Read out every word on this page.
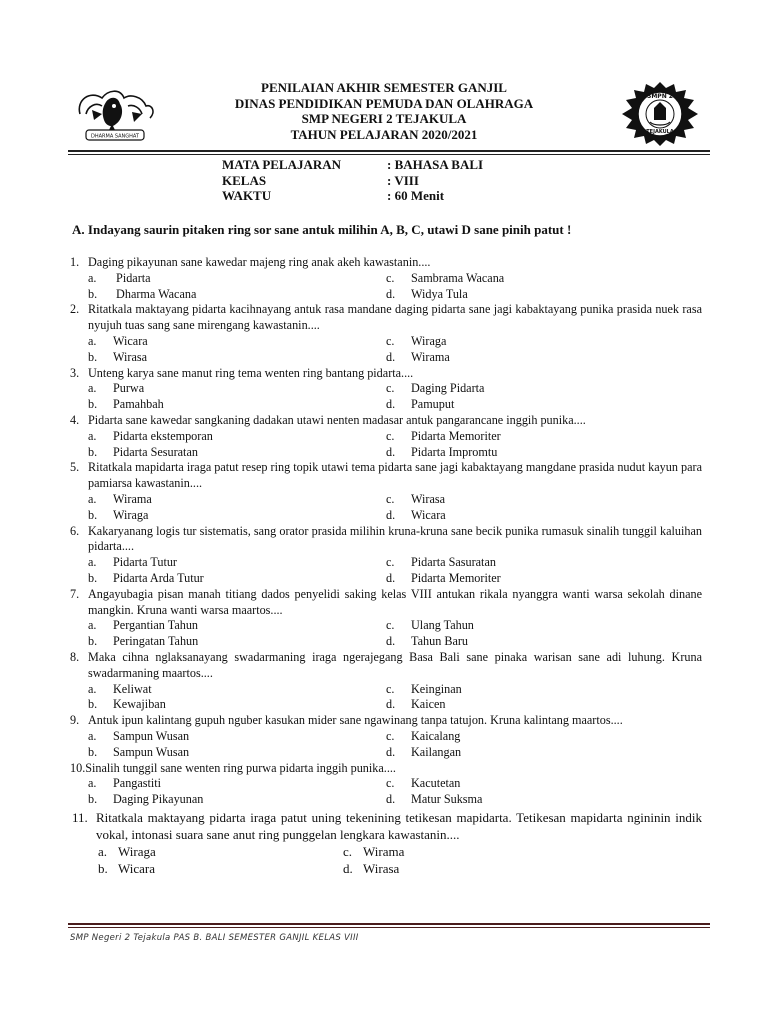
DHARMA SANGHAT
SMPN 2
TEJAKULA
PENILAIAN AKHIR SEMESTER GANJIL
DINAS PENDIDIKAN PEMUDA DAN OLAHRAGA
SMP NEGERI 2 TEJAKULA
TAHUN PELAJARAN 2020/2021
MATA PELAJARAN	: BAHASA BALI
KELAS	: VIII
WAKTU	: 60 Menit
A. Indayang saurin pitaken ring sor sane antuk milihin A, B, C, utawi D sane pinih patut !
1. Daging pikayunan sane kawedar majeng ring anak akeh kawastanin....
a. Pidarta	c. Sambrama Wacana
b. Dharma Wacana	d. Widya Tula
2. Ritatkala maktayang pidarta kacihnayang antuk rasa mandane daging pidarta sane jagi kabaktayang punika prasida nuek rasa nyujuh tuas sang sane mirengang kawastanin....
a. Wicara	c. Wiraga
b. Wirasa	d. Wirama
3. Unteng karya sane manut ring tema wenten ring bantang pidarta....
a. Purwa	c. Daging Pidarta
b. Pamahbah	d. Pamuput
4. Pidarta sane kawedar sangkaning dadakan utawi nenten madasar antuk pangarancane inggih punika....
a. Pidarta ekstemporan	c. Pidarta Memoriter
b. Pidarta Sesuratan	d. Pidarta Impromtu
5. Ritatkala mapidarta iraga patut resep ring topik utawi tema pidarta sane jagi kabaktayang mangdane prasida nudut kayun para pamiarsa kawastanin....
a. Wirama	c. Wirasa
b. Wiraga	d. Wicara
6. Kakaryanang logis tur sistematis, sang orator prasida milihin kruna-kruna sane becik punika rumasuk sinalih tunggil kaluihan pidarta....
a. Pidarta Tutur	c. Pidarta Sasuratan
b. Pidarta Arda Tutur	d. Pidarta Memoriter
7. Angayubagia pisan manah titiang dados penyelidi saking kelas VIII antukan rikala nyanggra wanti warsa sekolah dinane mangkin. Kruna wanti warsa maartos....
a. Pergantian Tahun	c. Ulang Tahun
b. Peringatan Tahun	d. Tahun Baru
8. Maka cihna nglaksanayang swadarmaning iraga ngerajegang Basa Bali sane pinaka warisan sane adi luhung. Kruna swadarmaning maartos....
a. Keliwat	c. Keinginan
b. Kewajiban	d. Kaicen
9. Antuk ipun kalintang gupuh nguber kasukan mider sane ngawinang tanpa tatujon. Kruna kalintang maartos....
a. Sampun Wusan	c. Kaicalang
b. Sampun Wusan	d. Kailangan
10. Sinalih tunggil sane wenten ring purwa pidarta inggih punika....
a. Pangastiti	c. Kacutetan
b. Daging Pikayunan	d. Matur Suksma
11. Ritatkala maktayang pidarta iraga patut uning tekenining tetikesan mapidarta. Tetikesan mapidarta ngininin indik vokal, intonasi suara sane anut ring punggelan lengkara kawastanin....
a. Wiraga	c. Wirama
b. Wicara	d. Wirasa
SMP Negeri 2 Tejakula PAS B. BALI SEMESTER GANJIL KELAS VIII
